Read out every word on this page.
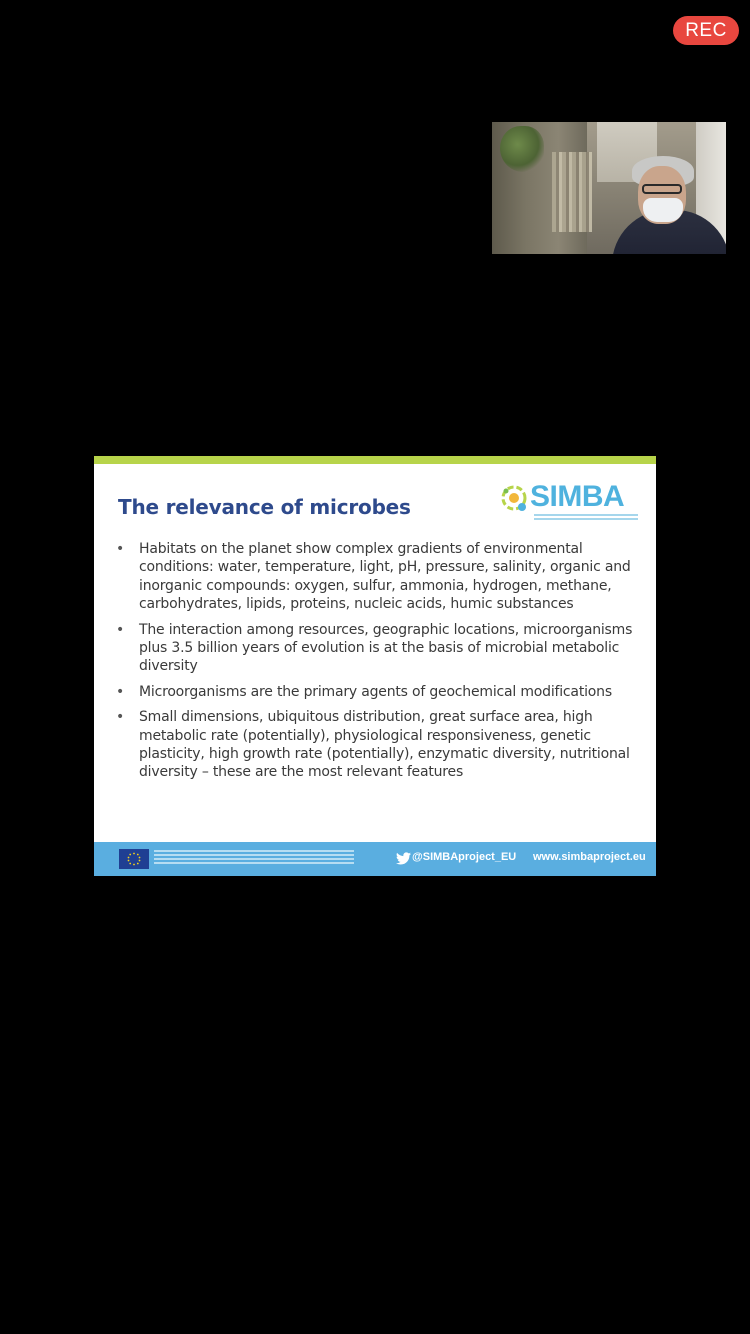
REC
The relevance of microbes	SIMBA
• Habitats on the planet show complex gradients of environmental conditions: water, temperature, light, pH, pressure, salinity, organic and inorganic compounds: oxygen, sulfur, ammonia, hydrogen, methane, carbohydrates, lipids, proteins, nucleic acids, humic substances
• The interaction among resources, geographic locations, microorganisms plus 3.5 billion years of evolution is at the basis of microbial metabolic diversity
• Microorganisms are the primary agents of geochemical modifications
• Small dimensions, ubiquitous distribution, great surface area, high metabolic rate (potentially), physiological responsiveness, genetic plasticity, high growth rate (potentially), enzymatic diversity, nutritional diversity – these are the most relevant features
@SIMBAproject_EU www.simbaproject.eu
